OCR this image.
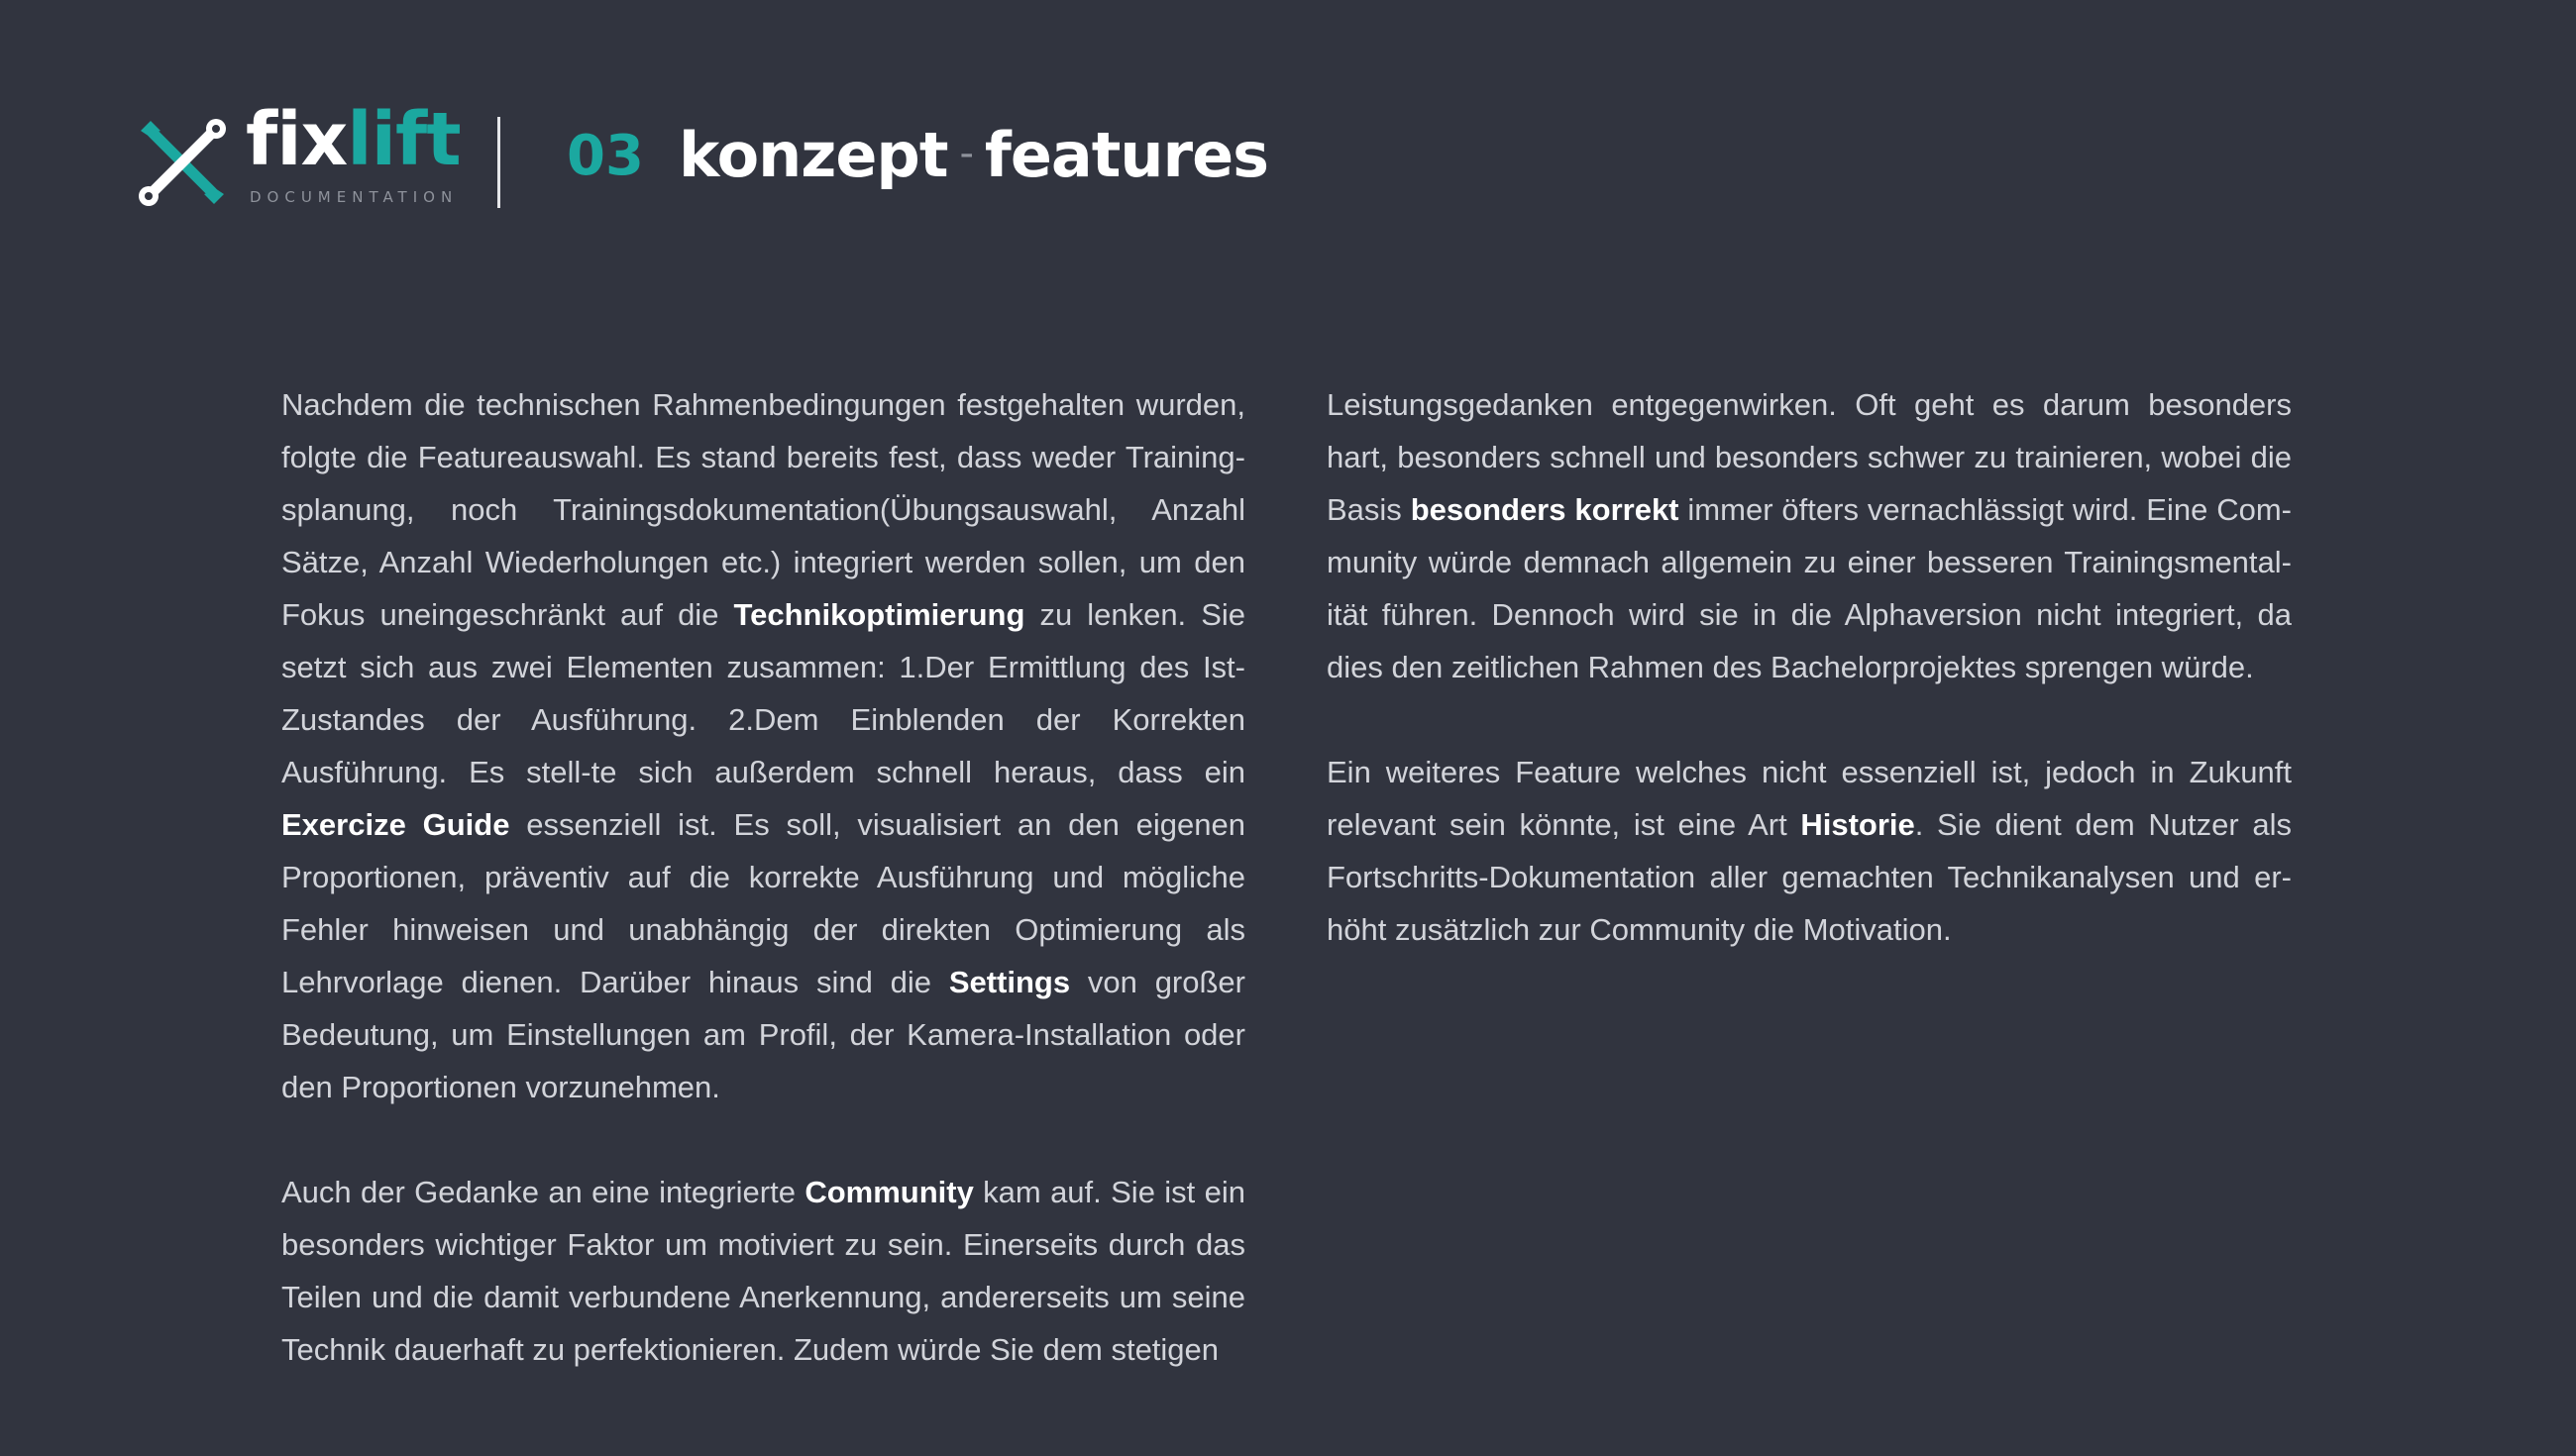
fixlift
DOCUMENTATION
03 konzept - features

Nachdem die technischen Rahmenbedingungen festgehalten wurden, folgte die Featureauswahl. Es stand bereits fest, dass weder Training-splanung, noch Trainingsdokumentation(Übungsauswahl, Anzahl Sätze, Anzahl Wiederholungen etc.) integriert werden sollen, um den Fokus uneingeschränkt auf die Technikoptimierung zu lenken. Sie setzt sich aus zwei Elementen zusammen: 1.Der Ermittlung des Ist-Zustandes der Ausführung. 2.Dem Einblenden der Korrekten Ausführung. Es stell-te sich außerdem schnell heraus, dass ein Exercize Guide essenziell ist. Es soll, visualisiert an den eigenen Proportionen, präventiv auf die korrekte Ausführung und mögliche Fehler hinweisen und unabhängig der direkten Optimierung als Lehrvorlage dienen. Darüber hinaus sind die Settings von großer Bedeutung, um Einstellungen am Profil, der Kamera-Installation oder den Proportionen vorzunehmen.

Auch der Gedanke an eine integrierte Community kam auf. Sie ist ein besonders wichtiger Faktor um motiviert zu sein. Einerseits durch das Teilen und die damit verbundene Anerkennung, andererseits um seine Technik dauerhaft zu perfektionieren. Zudem würde Sie dem stetigen

Leistungsgedanken entgegenwirken. Oft geht es darum besonders hart, besonders schnell und besonders schwer zu trainieren, wobei die Basis besonders korrekt immer öfters vernachlässigt wird. Eine Com-munity würde demnach allgemein zu einer besseren Trainingsmental-ität führen. Dennoch wird sie in die Alphaversion nicht integriert, da dies den zeitlichen Rahmen des Bachelorprojektes sprengen würde.

Ein weiteres Feature welches nicht essenziell ist, jedoch in Zukunft relevant sein könnte, ist eine Art Historie. Sie dient dem Nutzer als Fortschritts-Dokumentation aller gemachten Technikanalysen und er-höht zusätzlich zur Community die Motivation.
